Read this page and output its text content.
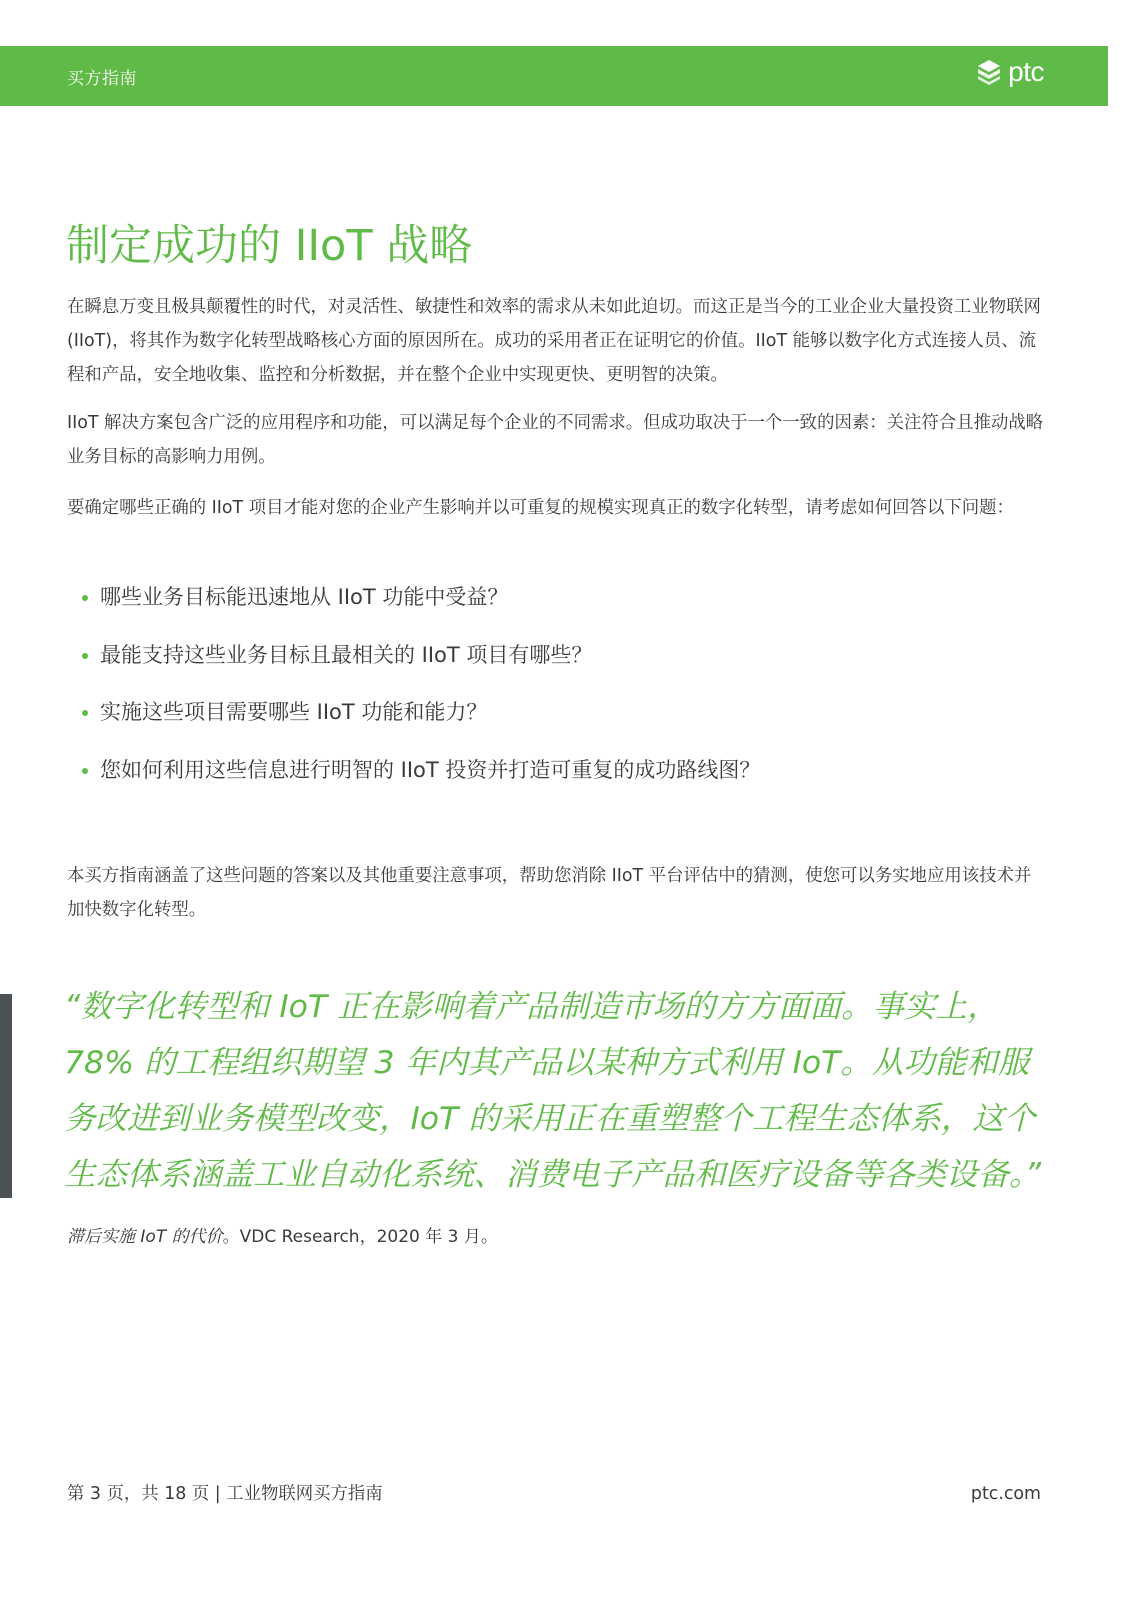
买方指南	ptc
制定成功的 IIoT 战略

在瞬息万变且极具颠覆性的时代，对灵活性、敏捷性和效率的需求从未如此迫切。而这正是当今的工业企业大量投资工业物联网 (IIoT)，将其作为数字化转型战略核心方面的原因所在。成功的采用者正在证明它的价值。IIoT 能够以数字化方式连接人员、流程和产品，安全地收集、监控和分析数据，并在整个企业中实现更快、更明智的决策。

IIoT 解决方案包含广泛的应用程序和功能，可以满足每个企业的不同需求。但成功取决于一个一致的因素：关注符合且推动战略业务目标的高影响力用例。

要确定哪些正确的 IIoT 项目才能对您的企业产生影响并以可重复的规模实现真正的数字化转型，请考虑如何回答以下问题：

哪些业务目标能迅速地从 IIoT 功能中受益？
最能支持这些业务目标且最相关的 IIoT 项目有哪些？
实施这些项目需要哪些 IIoT 功能和能力？
您如何利用这些信息进行明智的 IIoT 投资并打造可重复的成功路线图？

本买方指南涵盖了这些问题的答案以及其他重要注意事项，帮助您消除 IIoT 平台评估中的猜测，使您可以务实地应用该技术并加快数字化转型。

“数字化转型和 IoT 正在影响着产品制造市场的方方面面。事实上，78% 的工程组织期望 3 年内其产品以某种方式利用 IoT。从功能和服务改进到业务模型改变，IoT 的采用正在重塑整个工程生态体系，这个生态体系涵盖工业自动化系统、消费电子产品和医疗设备等各类设备。”

滞后实施 IoT 的代价。VDC Research，2020 年 3 月。

第 3 页，共 18 页 | 工业物联网买方指南	ptc.com
